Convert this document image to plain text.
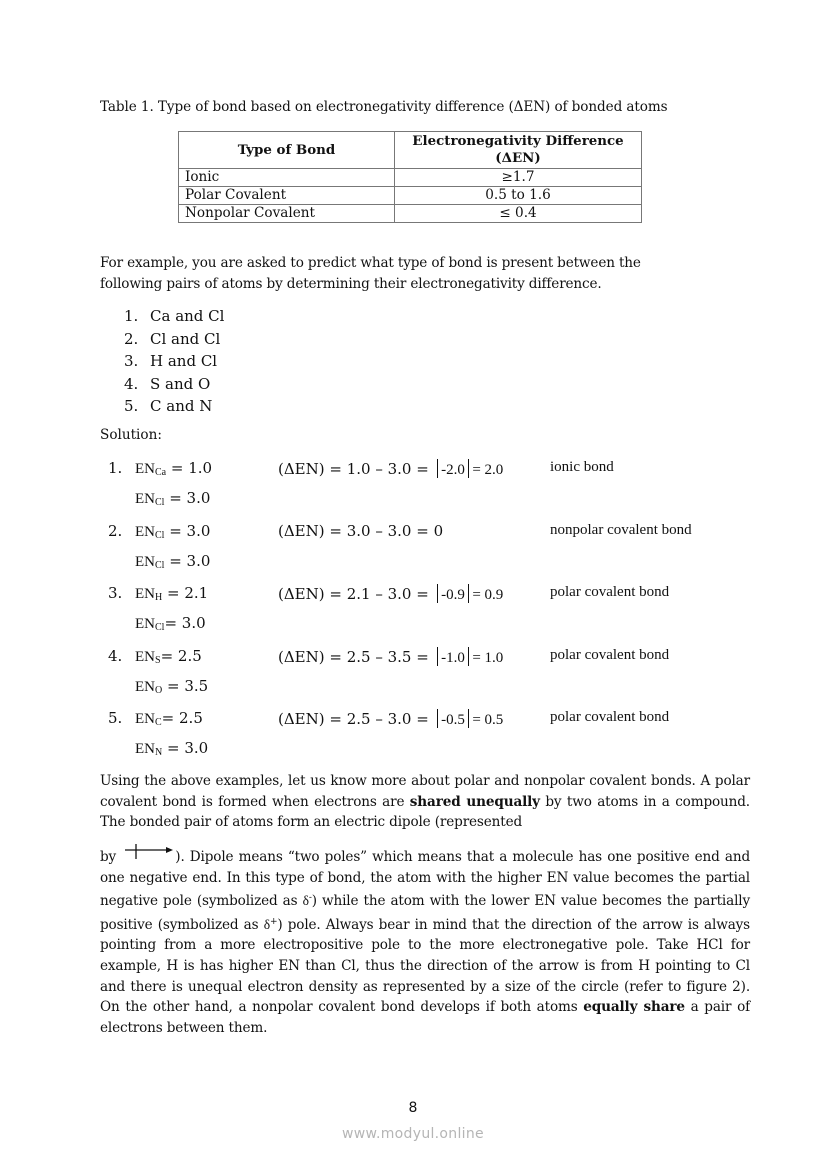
Table 1. Type of bond based on electronegativity difference (ΔEN) of bonded atoms
Type of Bond	Electronegativity Difference
(ΔEN)
Ionic	≥1.7
Polar Covalent	0.5 to 1.6
Nonpolar Covalent	≤ 0.4
For example, you are asked to predict what type of bond is present between the
following pairs of atoms by determining their electronegativity difference.
1. Ca and Cl
2. Cl and Cl
3. H and Cl
4. S and O
5. C and N
Solution:
1. $EN_{Ca} = 1.0$	(ΔEN) = 1.0 – 3.0 = -2.0 = 2.0	ionic bond
$EN_{Cl} = 3.0$
2. $EN_{Cl} = 3.0$	(ΔEN) = 3.0 – 3.0 = 0	nonpolar covalent bond
$EN_{Cl} = 3.0$
3. $EN_H = 2.1$	(ΔEN) = 2.1 – 3.0 = -0.9 = 0.9	polar covalent bond
$EN_{Cl}= 3.0$
4. $EN_S= 2.5$	(ΔEN) = 2.5 – 3.5 = -1.0 = 1.0	polar covalent bond
$EN_O = 3.5$
5. $EN_C= 2.5$	(ΔEN) = 2.5 – 3.0 = -0.5 = 0.5	polar covalent bond
$EN_N = 3.0$
Using the above examples, let us know more about polar and nonpolar covalent bonds. A polar covalent bond is formed when electrons are shared unequally by two atoms in a compound. The bonded pair of atoms form an electric dipole (represented
by	). Dipole means “two poles” which means that a molecule has one positive end and one negative end. In this type of bond, the atom with the higher EN value becomes the partial negative pole (symbolized as δ-) while the atom with the lower EN value becomes the partially positive (symbolized as δ+) pole. Always bear in mind that the direction of the arrow is always pointing from a more electropositive pole to the more electronegative pole. Take HCl for example, H is has higher EN than Cl, thus the direction of the arrow is from H pointing to Cl and there is unequal electron density as represented by a size of the circle (refer to figure 2). On the other hand, a nonpolar covalent bond develops if both atoms equally share a pair of electrons between them.
8
www.modyul.online
